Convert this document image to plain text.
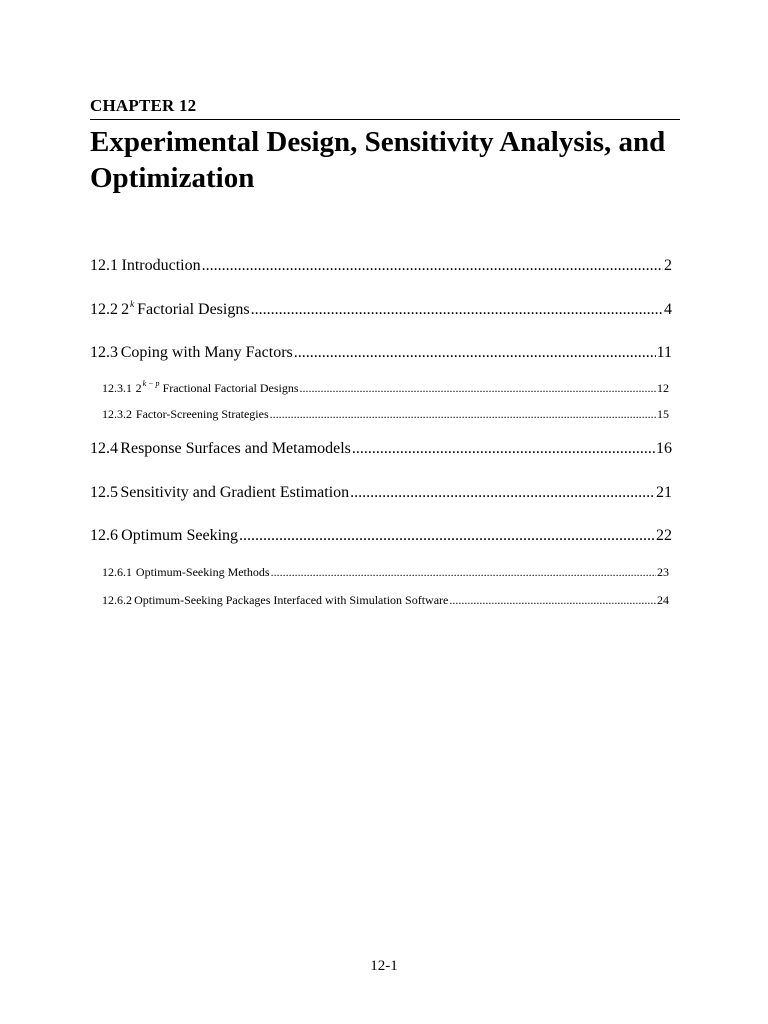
CHAPTER 12
Experimental Design, Sensitivity Analysis, and Optimization
12.1 Introduction .....	2
12.2 2 k Factorial Designs .....	4
12.3 Coping with Many Factors .....	11
12.3.1 2 k − p Fractional Factorial Designs .....	12
12.3.2 Factor-Screening Strategies .....	15
12.4 Response Surfaces and Metamodels .....	16
12.5 Sensitivity and Gradient Estimation .....	21
12.6 Optimum Seeking .....	22
12.6.1 Optimum-Seeking Methods .....	23
12.6.2 Optimum-Seeking Packages Interfaced with Simulation Software .....	24
12-1
